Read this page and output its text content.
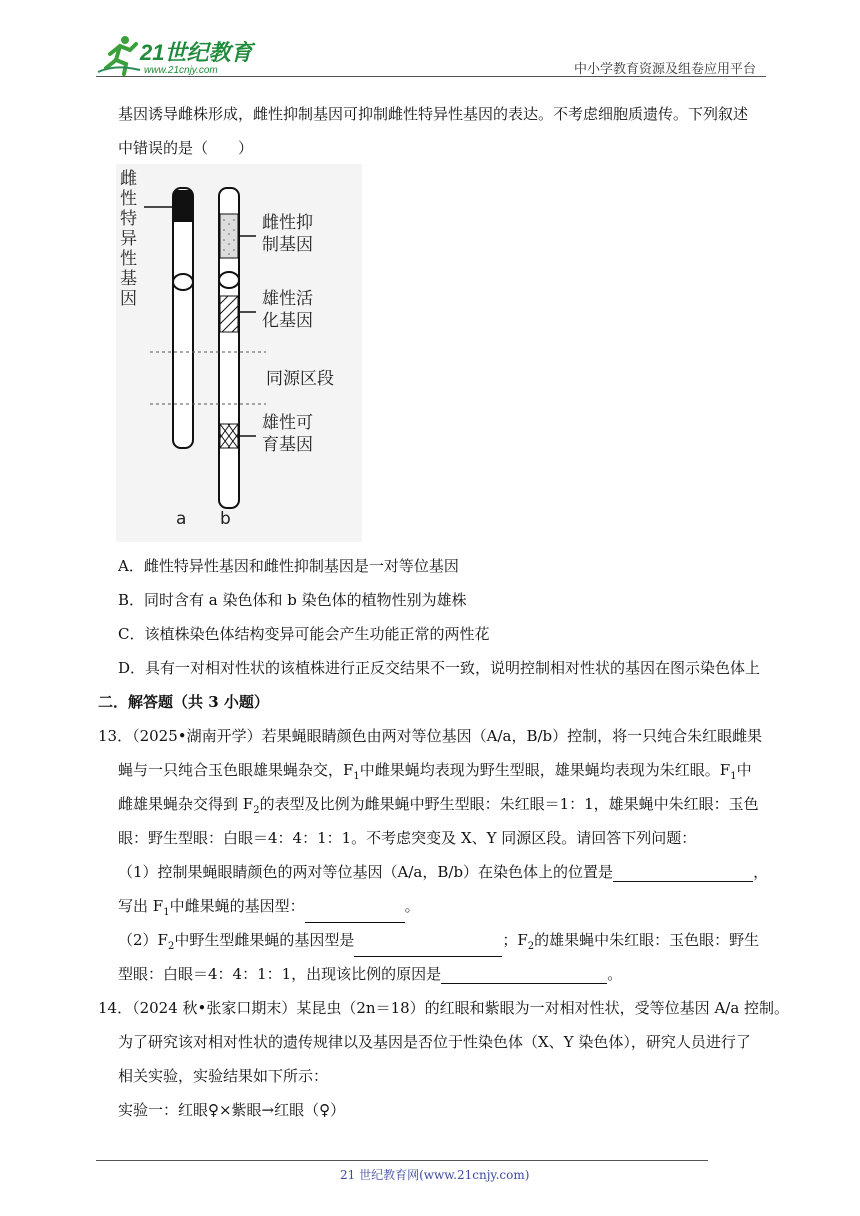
21世纪教育
www.21cnjy.com	中小学教育资源及组卷应用平台
基因诱导雌株形成，雌性抑制基因可抑制雌性特异性基因的表达。不考虑细胞质遗传。下列叙述
中错误的是（　　）
雌
性
特
异
性
基
因
雌性抑
制基因
雄性活
化基因
同源区段
雄性可
育基因
a b
A．雌性特异性基因和雌性抑制基因是一对等位基因
B．同时含有 a 染色体和 b 染色体的植物性别为雄株
C．该植株染色体结构变异可能会产生功能正常的两性花
D．具有一对相对性状的该植株进行正反交结果不一致，说明控制相对性状的基因在图示染色体上
二．解答题（共 3 小题）
13．（2025•湖南开学）若果蝇眼睛颜色由两对等位基因（A/a，B/b）控制，将一只纯合朱红眼雌果
蝇与一只纯合玉色眼雄果蝇杂交，$F_1$中雌果蝇均表现为野生型眼，雄果蝇均表现为朱红眼。$F_1$中
雌雄果蝇杂交得到 $F_2$的表型及比例为雌果蝇中野生型眼：朱红眼＝1：1，雄果蝇中朱红眼：玉色
眼：野生型眼：白眼＝4：4：1：1。不考虑突变及 X、Y 同源区段。请回答下列问题：
（1）控制果蝇眼睛颜色的两对等位基因（A/a，B/b）在染色体上的位置是	，
写出 $F_1$中雌果蝇的基因型：	。
$(2)F_2$中野生型雌果蝇的基因型是	；$F_2$的雄果蝇中朱红眼：玉色眼：野生
型眼：白眼＝4：4：1：1，出现该比例的原因是	。
14．（2024 秋•张家口期末）某昆虫（2n＝18）的红眼和紫眼为一对相对性状，受等位基因 A/a 控制。
为了研究该对相对性状的遗传规律以及基因是否位于性染色体（X、Y 染色体），研究人员进行了
相关实验，实验结果如下所示：
实验一：红眼♀×紫眼→红眼（♀）
21 世纪教育网(www.21cnjy.com)
